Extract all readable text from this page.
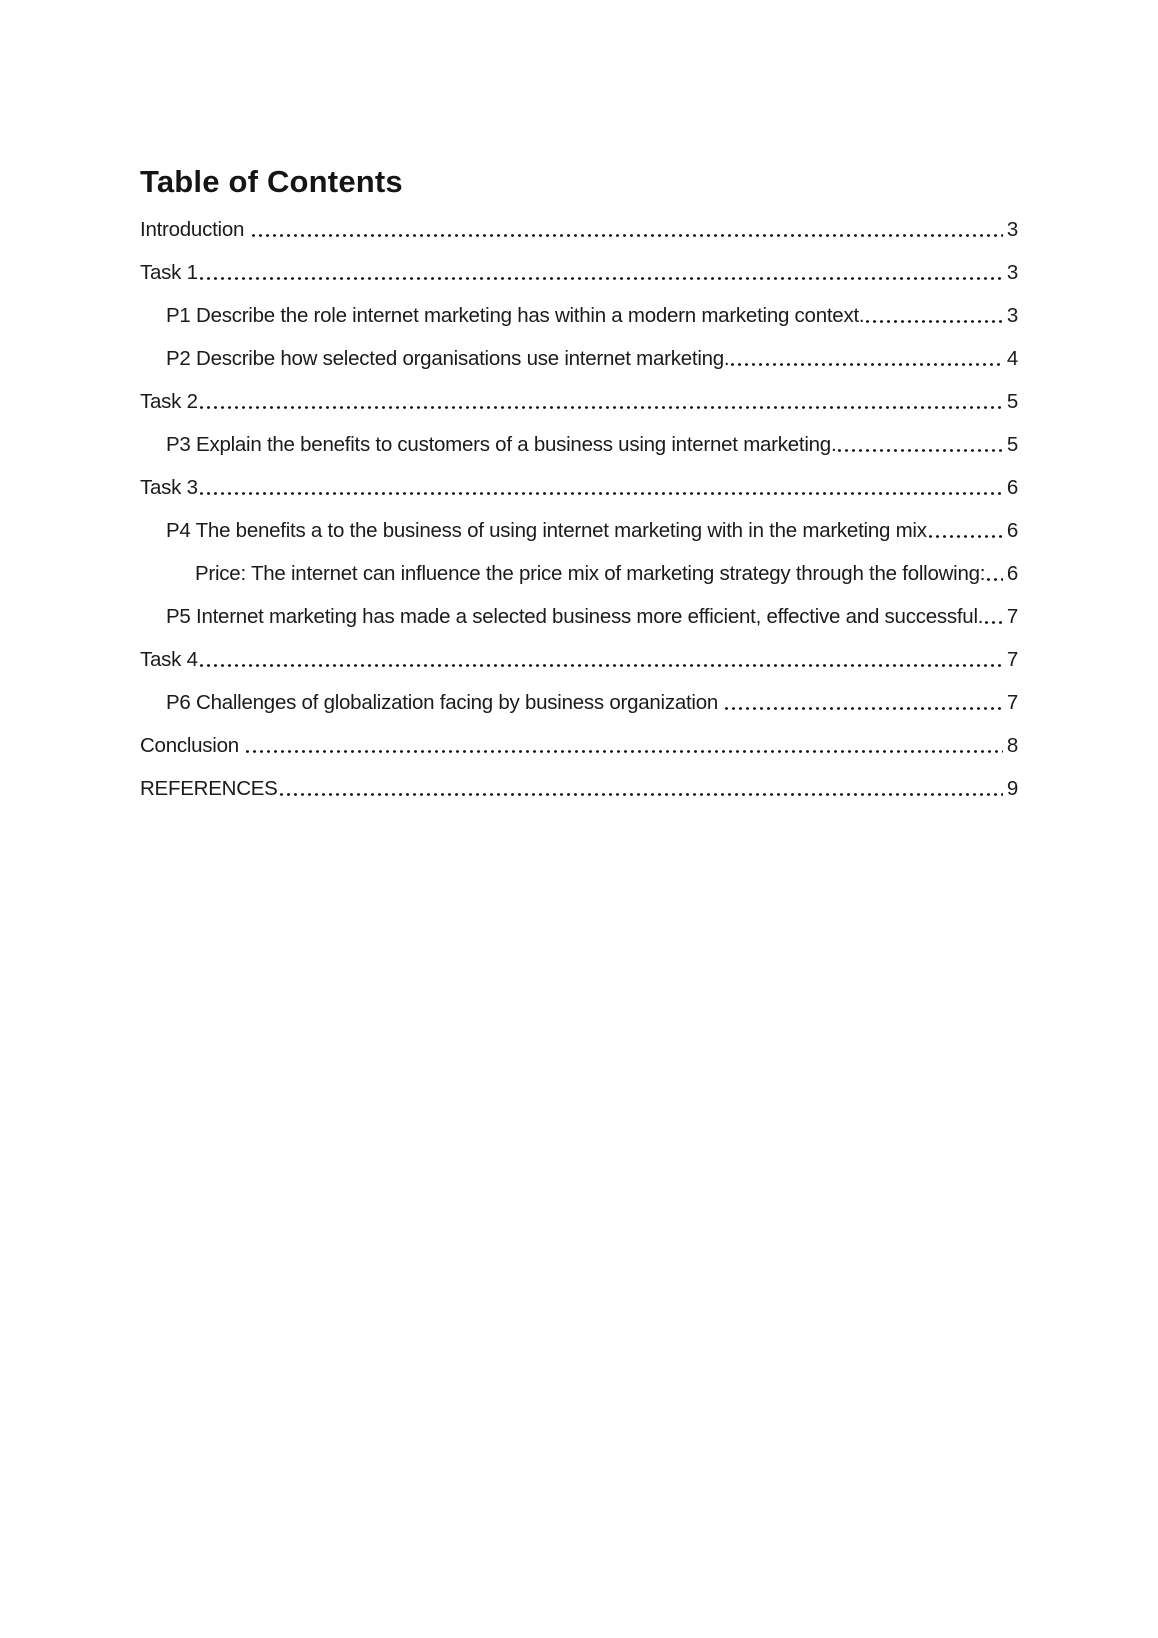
Table of Contents
Introduction	3
Task 1	3
P1 Describe the role internet marketing has within a modern marketing context.	3
P2 Describe how selected organisations use internet marketing.	4
Task 2	5
P3 Explain the benefits to customers of a business using internet marketing.	5
Task 3	6
P4 The benefits a to the business of using internet marketing with in the marketing mix	6
Price: The internet can influence the price mix of marketing strategy through the following: 6
P5 Internet marketing has made a selected business more efficient, effective and successful. 7
Task 4	7
P6 Challenges of globalization facing by business organization	7
Conclusion	8
REFERENCES	9
